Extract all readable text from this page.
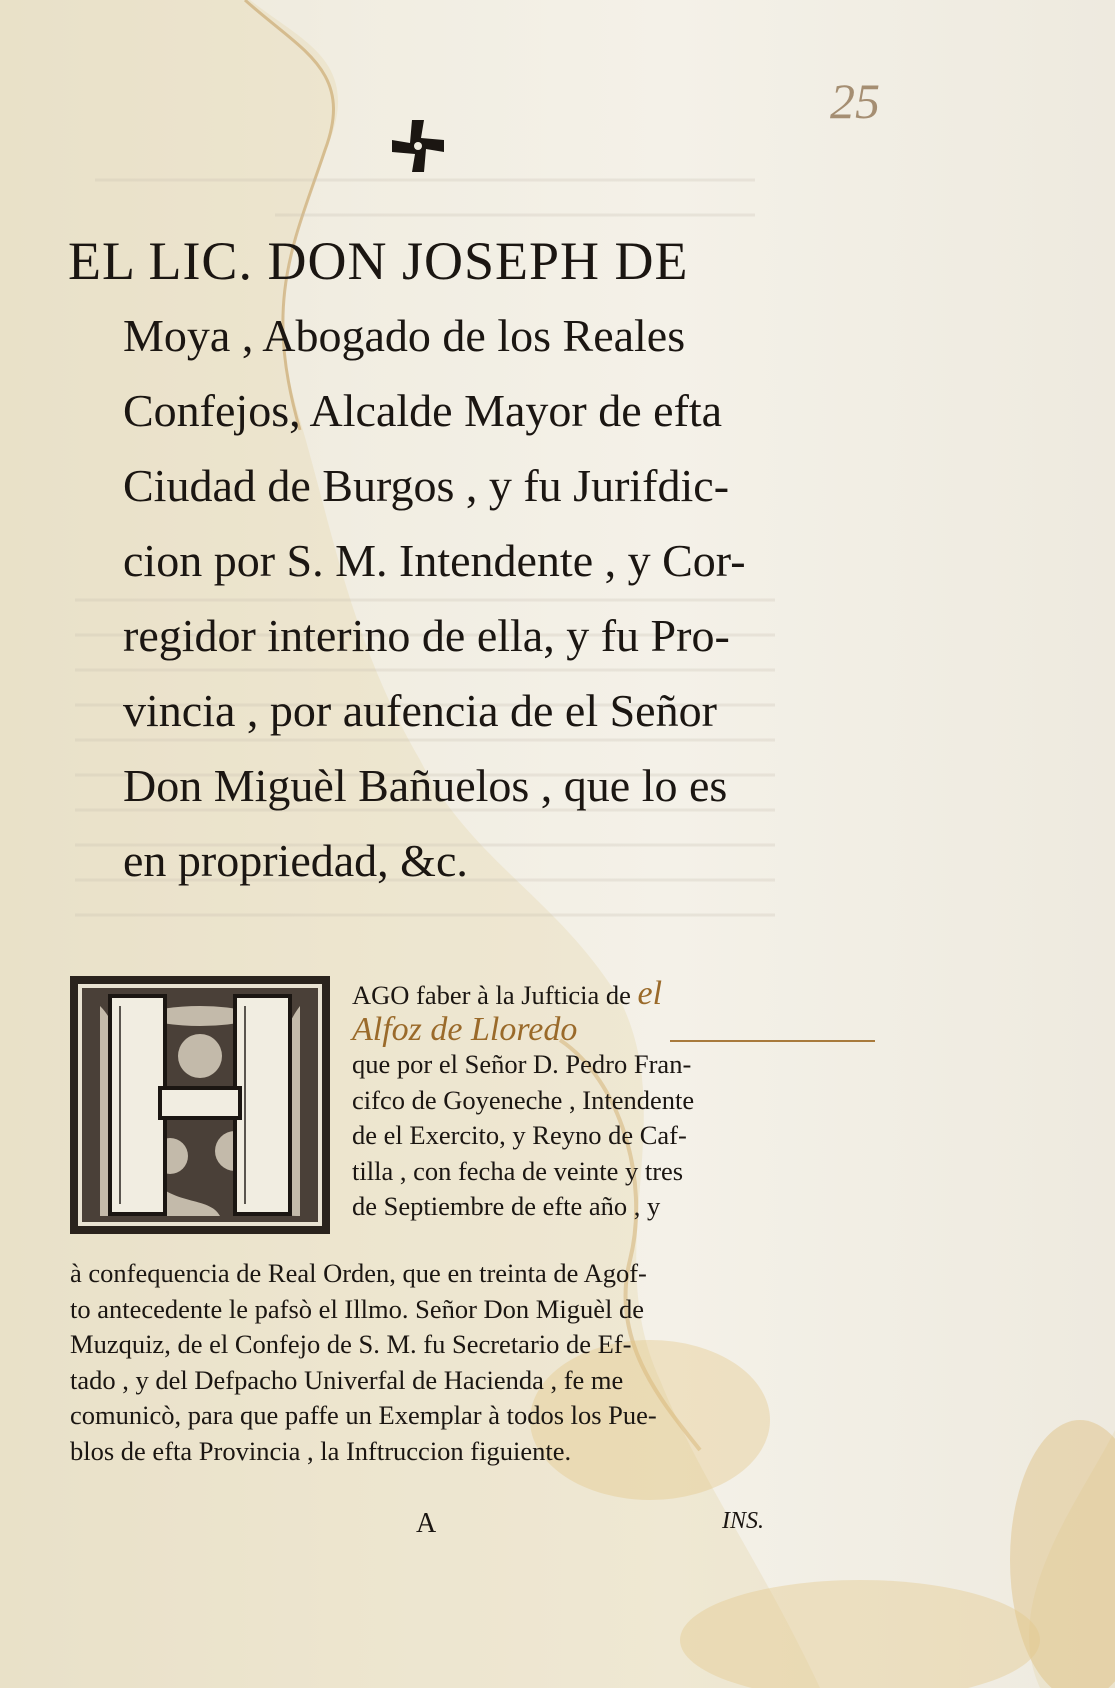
25
EL LIC. DON JOSEPH DE
Moya , Abogado de los Reales
Confejos, Alcalde Mayor de efta
Ciudad de Burgos , y fu Jurifdic-
cion por S. M. Intendente , y Cor-
regidor interino de ella, y fu Pro-
vincia , por aufencia de el Señor
Don Miguèl Bañuelos , que lo es
en propriedad, &c.
AGO faber à la Jufticia de el
Alfoz de Lloredo
que por el Señor D. Pedro Fran-
cifco de Goyeneche , Intendente
de el Exercito, y Reyno de Caf-
tilla , con fecha de veinte y tres
de Septiembre de efte año , y
à confequencia de Real Orden, que en treinta de Agof-
to antecedente le pafsò el Illmo. Señor Don Miguèl de
Muzquiz, de el Confejo de S. M. fu Secretario de Ef-
tado , y del Defpacho Univerfal de Hacienda , fe me
comunicò, para que paffe un Exemplar à todos los Pue-
blos de efta Provincia , la Inftruccion figuiente.
A	INS.
